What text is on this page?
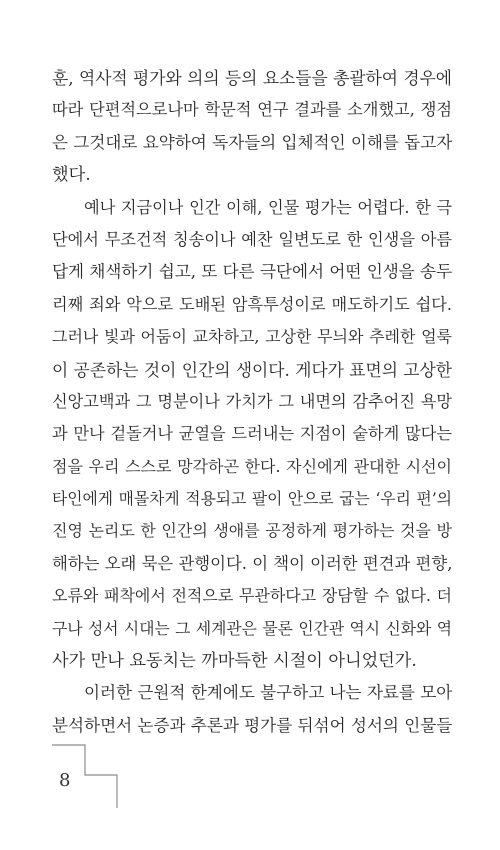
훈, 역사적 평가와 의의 등의 요소들을 총괄하여 경우에
따라 단편적으로나마 학문적 연구 결과를 소개했고, 쟁점
은 그것대로 요약하여 독자들의 입체적인 이해를 돕고자
했다.
예나 지금이나 인간 이해, 인물 평가는 어렵다. 한 극
단에서 무조건적 칭송이나 예찬 일변도로 한 인생을 아름
답게 채색하기 쉽고, 또 다른 극단에서 어떤 인생을 송두
리째 죄와 악으로 도배된 암흑투성이로 매도하기도 쉽다.
그러나 빛과 어둠이 교차하고, 고상한 무늬와 추레한 얼룩
이 공존하는 것이 인간의 생이다. 게다가 표면의 고상한
신앙고백과 그 명분이나 가치가 그 내면의 감추어진 욕망
과 만나 겉돌거나 균열을 드러내는 지점이 숱하게 많다는
점을 우리 스스로 망각하곤 한다. 자신에게 관대한 시선이
타인에게 매몰차게 적용되고 팔이 안으로 굽는 ‘우리 편’의
진영 논리도 한 인간의 생애를 공정하게 평가하는 것을 방
해하는 오래 묵은 관행이다. 이 책이 이러한 편견과 편향,
오류와 패착에서 전적으로 무관하다고 장담할 수 없다. 더
구나 성서 시대는 그 세계관은 물론 인간관 역시 신화와 역
사가 만나 요동치는 까마득한 시절이 아니었던가.
이러한 근원적 한계에도 불구하고 나는 자료를 모아
분석하면서 논증과 추론과 평가를 뒤섞어 성서의 인물들
8
